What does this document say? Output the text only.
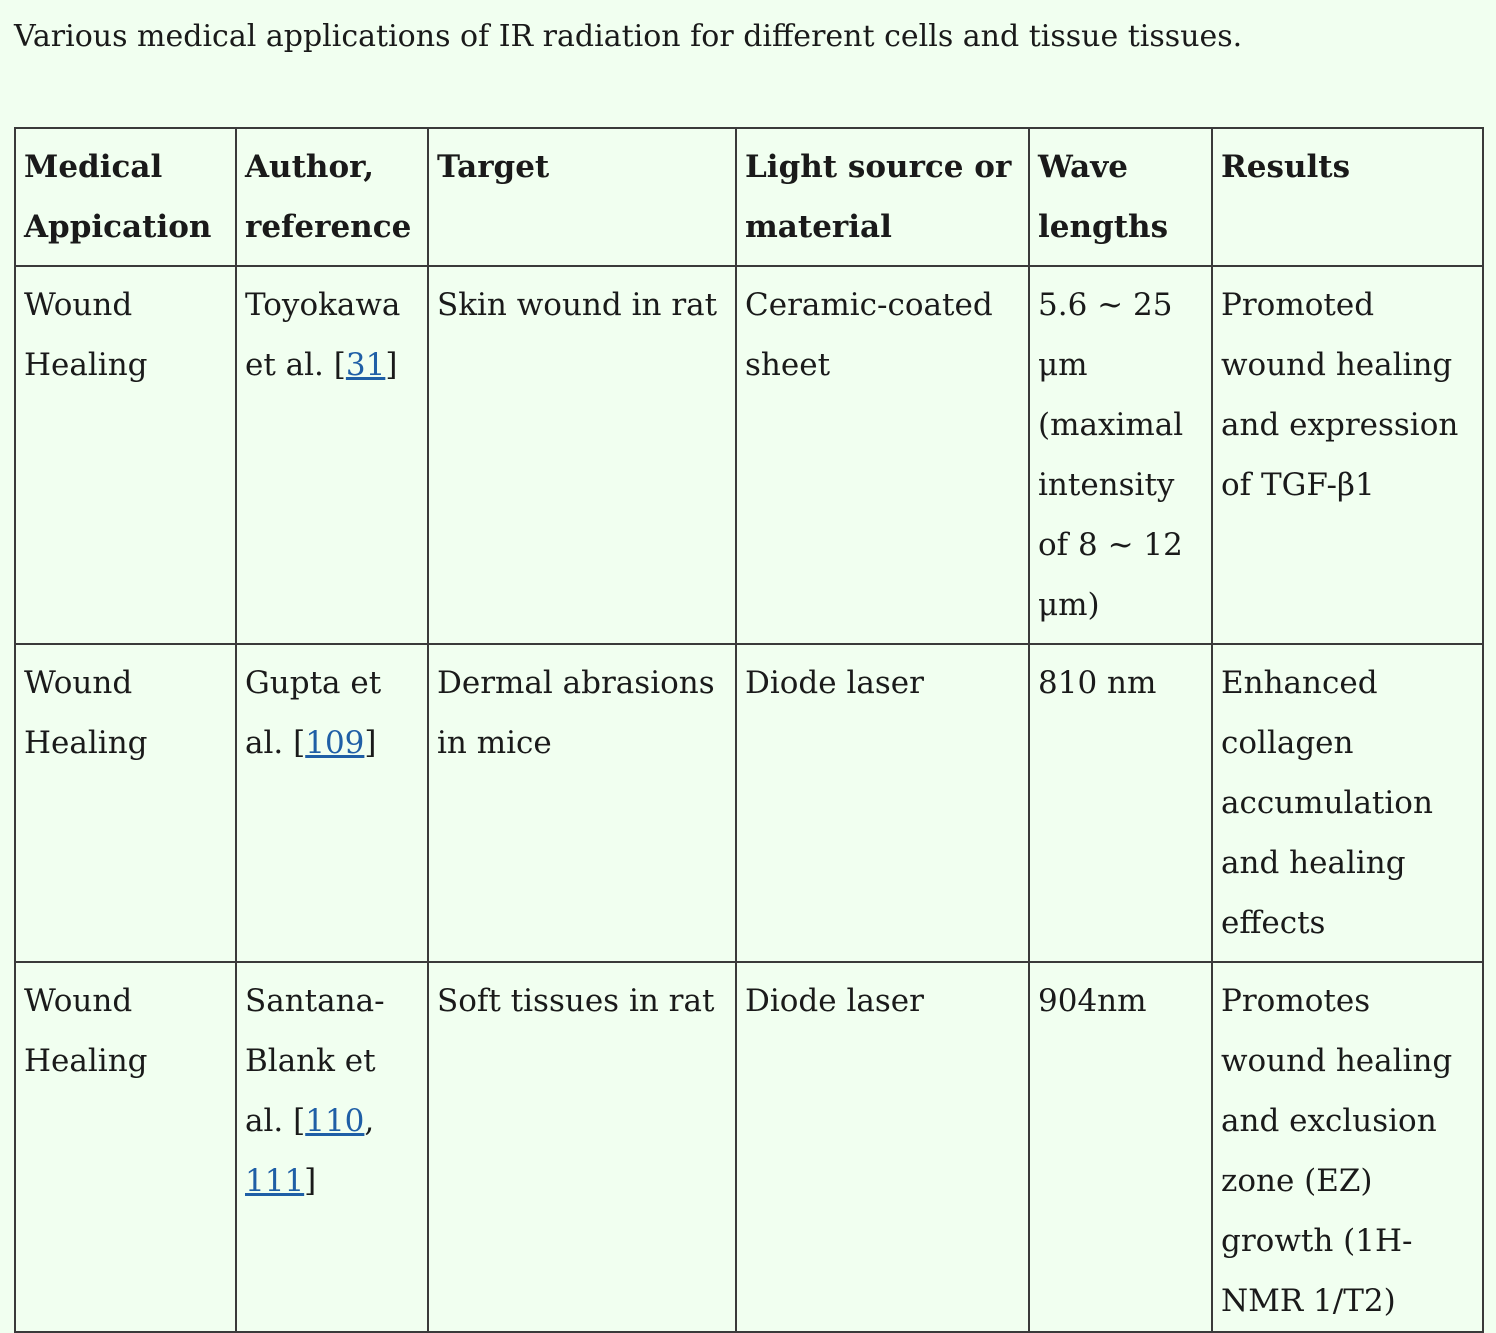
Various medical applications of IR radiation for different cells and tissue tissues.

Medical Appication	Author, reference	Target	Light source or material	Wave lengths	Results
Wound Healing	Toyokawa et al. [31]	Skin wound in rat	Ceramic-coated sheet	5.6 ~ 25 μm (maximal intensity of 8 ~ 12 μm)	Promoted wound healing and expression of TGF-β1
Wound Healing	Gupta et al. [109]	Dermal abrasions in mice	Diode laser	810 nm	Enhanced collagen accumulation and healing effects
Wound Healing	Santana-Blank et al. [110, 111]	Soft tissues in rat	Diode laser	904nm	Promotes wound healing and exclusion zone (EZ) growth (1H-NMR 1/T2)
